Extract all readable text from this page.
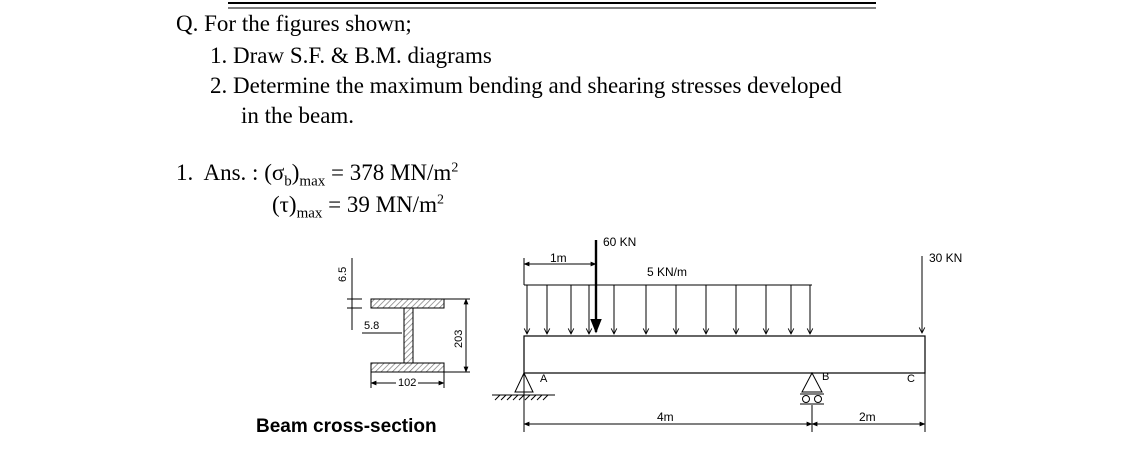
Q. For the figures shown;
1. Draw S.F. & B.M. diagrams
2. Determine the maximum bending and shearing stresses developed
in the beam.
1. Ans. : $(\sigma_b)_{max} = 378$ $MN/m^2$
$(\tau)_{max} = 39$ $MN/m^2$
6.5
5.8
203
102
Beam cross-section
60 KN
30 KN
5 KN/m
1m
A	B	C
4m	2m
